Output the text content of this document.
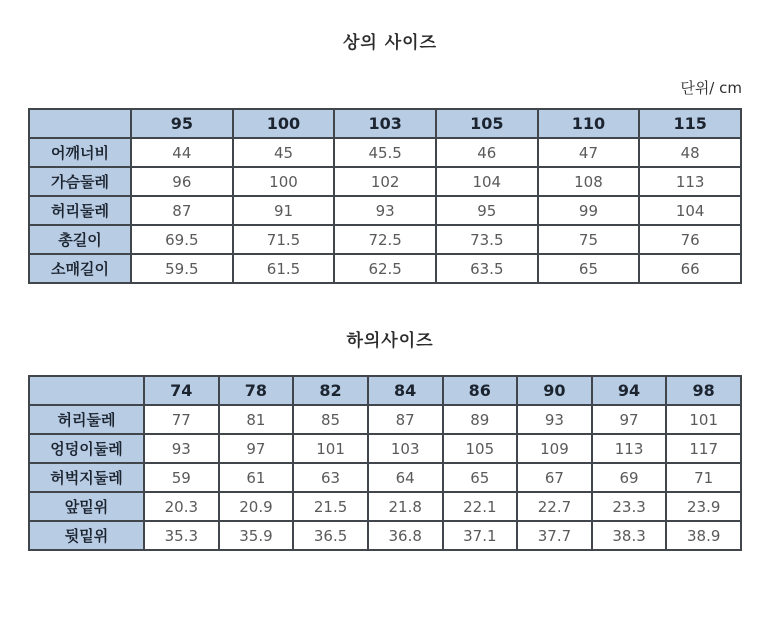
상의 사이즈
단위/ cm
	95	100	103	105	110	115
어깨너비	44	45	45.5	46	47	48
가슴둘레	96	100	102	104	108	113
허리둘레	87	91	93	95	99	104
총길이	69.5	71.5	72.5	73.5	75	76
소매길이	59.5	61.5	62.5	63.5	65	66
하의사이즈
	74	78	82	84	86	90	94	98
허리둘레	77	81	85	87	89	93	97	101
엉덩이둘레	93	97	101	103	105	109	113	117
허벅지둘레	59	61	63	64	65	67	69	71
앞밑위	20.3	20.9	21.5	21.8	22.1	22.7	23.3	23.9
뒷밑위	35.3	35.9	36.5	36.8	37.1	37.7	38.3	38.9
